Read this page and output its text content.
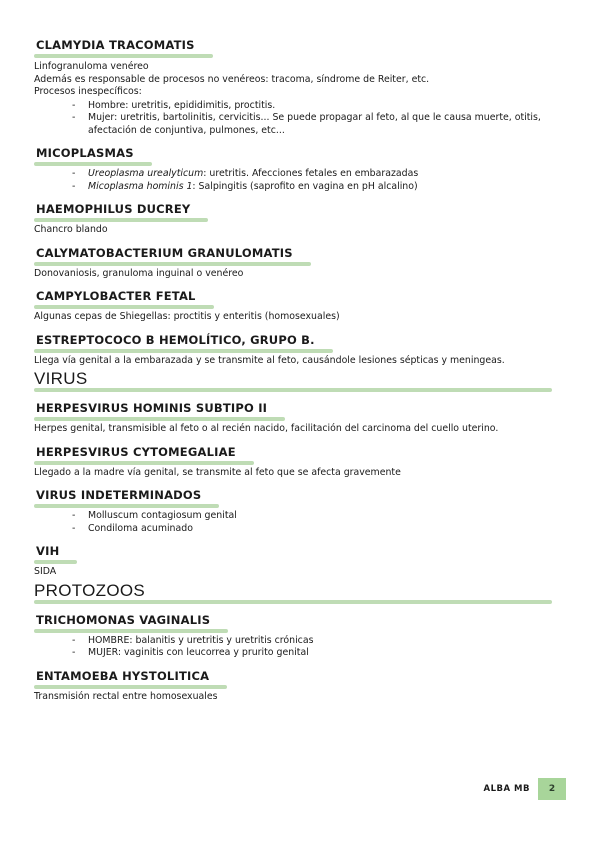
CLAMYDIA TRACOMATIS

Linfogranuloma venéreo

Además es responsable de procesos no venéreos: tracoma, síndrome de Reiter, etc.

Procesos inespecíficos:

- Hombre: uretritis, epididimitis, proctitis.
- Mujer: uretritis, bartolinitis, cervicitis... Se puede propagar al feto, al que le causa muerte, otitis, afectación de conjuntiva, pulmones, etc...
MICOPLASMAS
- Ureoplasma urealyticum: uretritis. Afecciones fetales en embarazadas
- Micoplasma hominis 1: Salpingitis (saprofito en vagina en pH alcalino)
HAEMOPHILUS DUCREY

Chancro blando

CALYMATOBACTERIUM GRANULOMATIS

Donovaniosis, granuloma inguinal o venéreo

CAMPYLOBACTER FETAL

Algunas cepas de Shiegellas: proctitis y enteritis (homosexuales)

ESTREPTOCOCO B HEMOLÍTICO, GRUPO B.

Llega vía genital a la embarazada y se transmite al feto, causándole lesiones sépticas y meningeas.

VIRUS
HERPESVIRUS HOMINIS SUBTIPO II

Herpes genital, transmisible al feto o al recién nacido, facilitación del carcinoma del cuello uterino.

HERPESVIRUS CYTOMEGALIAE

Llegado a la madre vía genital, se transmite al feto que se afecta gravemente

VIRUS INDETERMINADOS
- Molluscum contagiosum genital
- Condiloma acuminado
VIH

SIDA

PROTOZOOS
TRICHOMONAS VAGINALIS
- HOMBRE: balanitis y uretritis y uretritis crónicas
- MUJER: vaginitis con leucorrea y prurito genital
ENTAMOEBA HYSTOLITICA

Transmisión rectal entre homosexuales

ALBA MB	2
